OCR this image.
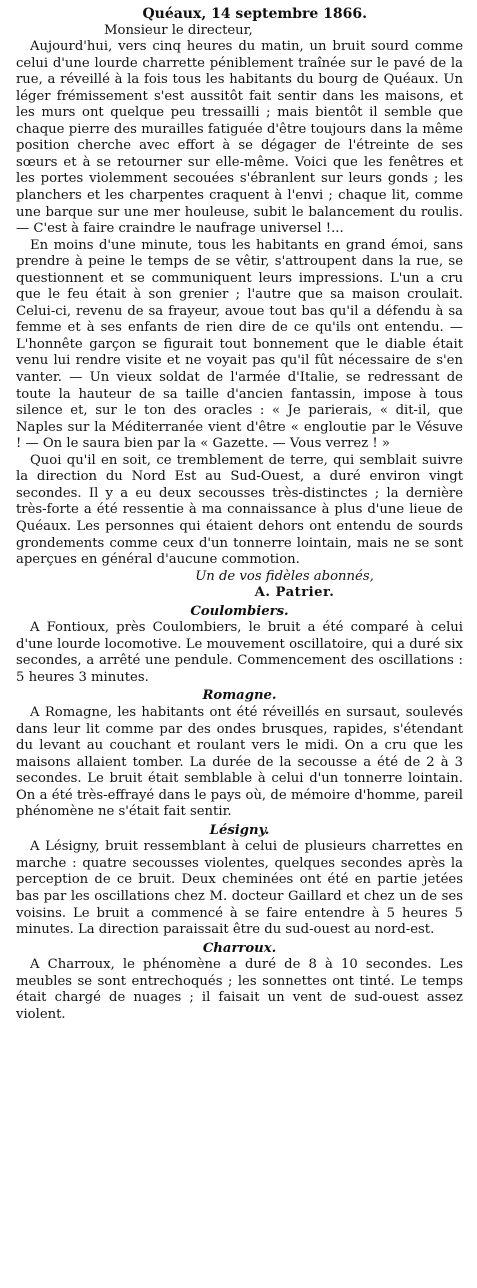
Quéaux, 14 septembre 1866.
Monsieur le directeur,

Aujourd'hui, vers cinq heures du matin, un bruit sourd comme celui d'une lourde charrette péniblement traînée sur le pavé de la rue, a réveillé à la fois tous les habitants du bourg de Quéaux. Un léger frémissement s'est aussitôt fait sentir dans les maisons, et les murs ont quelque peu tressailli ; mais bientôt il semble que chaque pierre des murailles fatiguée d'être toujours dans la même position cherche avec effort à se dégager de l'étreinte de ses sœurs et à se retourner sur elle-même. Voici que les fenêtres et les portes violemment secouées s'ébranlent sur leurs gonds ; les planchers et les charpentes craquent à l'envi ; chaque lit, comme une barque sur une mer houleuse, subit le balancement du roulis. — C'est à faire craindre le naufrage universel !...

En moins d'une minute, tous les habitants en grand émoi, sans prendre à peine le temps de se vêtir, s'attroupent dans la rue, se questionnent et se communiquent leurs impressions. L'un a cru que le feu était à son grenier ; l'autre que sa maison croulait. Celui-ci, revenu de sa frayeur, avoue tout bas qu'il a défendu à sa femme et à ses enfants de rien dire de ce qu'ils ont entendu. — L'honnête garçon se figurait tout bonnement que le diable était venu lui rendre visite et ne voyait pas qu'il fût nécessaire de s'en vanter. — Un vieux soldat de l'armée d'Italie, se redressant de toute la hauteur de sa taille d'ancien fantassin, impose à tous silence et, sur le ton des oracles : « Je parierais, « dit-il, que Naples sur la Méditerranée vient d'être « engloutie par le Vésuve ! — On le saura bien par la « Gazette. — Vous verrez ! »

Quoi qu'il en soit, ce tremblement de terre, qui semblait suivre la direction du Nord Est au Sud-Ouest, a duré environ vingt secondes. Il y a eu deux secousses très-distinctes ; la dernière très-forte a été ressentie à ma connaissance à plus d'une lieue de Quéaux. Les personnes qui étaient dehors ont entendu de sourds grondements comme ceux d'un tonnerre lointain, mais ne se sont aperçues en général d'aucune commotion.

Un de vos fidèles abonnés,

A. Patrier.

Coulombiers.

A Fontioux, près Coulombiers, le bruit a été comparé à celui d'une lourde locomotive. Le mouvement oscillatoire, qui a duré six secondes, a arrêté une pendule. Commencement des oscillations : 5 heures 3 minutes.

Romagne.

A Romagne, les habitants ont été réveillés en sursaut, soulevés dans leur lit comme par des ondes brusques, rapides, s'étendant du levant au couchant et roulant vers le midi. On a cru que les maisons allaient tomber. La durée de la secousse a été de 2 à 3 secondes. Le bruit était semblable à celui d'un tonnerre lointain. On a été très-effrayé dans le pays où, de mémoire d'homme, pareil phénomène ne s'était fait sentir.

Lésigny.

A Lésigny, bruit ressemblant à celui de plusieurs charrettes en marche : quatre secousses violentes, quelques secondes après la perception de ce bruit. Deux cheminées ont été en partie jetées bas par les oscillations chez M. docteur Gaillard et chez un de ses voisins. Le bruit a commencé à se faire entendre à 5 heures 5 minutes. La direction paraissait être du sud-ouest au nord-est.

Charroux.

A Charroux, le phénomène a duré de 8 à 10 secondes. Les meubles se sont entrechoqués ; les sonnettes ont tinté. Le temps était chargé de nuages ; il faisait un vent de sud-ouest assez violent.
